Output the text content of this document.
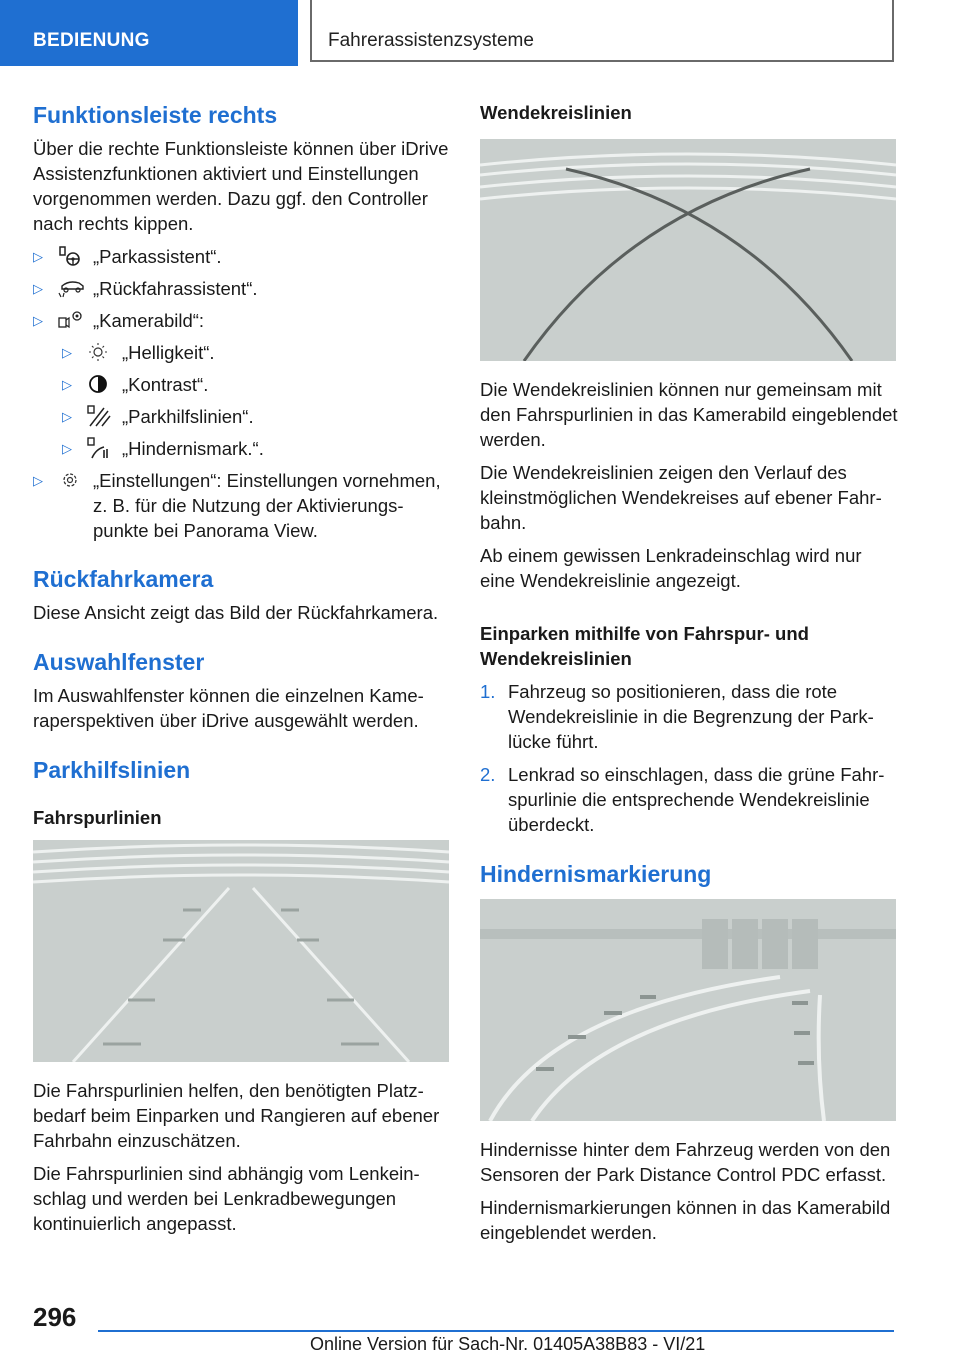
BEDIENUNG	Fahrerassistenzsysteme
Funktionsleiste rechts

Über die rechte Funktionsleiste können über iDrive Assistenzfunktionen aktiviert und Einstellungen vorgenommen werden. Dazu ggf. den Controller nach rechts kippen.

▷	„Parkassistent“.
▷	„Rückfahrassistent“.
▷	„Kamerabild“:
▷	„Helligkeit“.
▷	„Kontrast“.
▷	„Parkhilfslinien“.
▷	„Hindernismark.“.
▷	„Einstellungen“: Einstellungen vornehmen, z. B. für die Nutzung der Aktivierungspunkte bei Panorama View.
Rückfahrkamera

Diese Ansicht zeigt das Bild der Rückfahrkamera.

Auswahlfenster

Im Auswahlfenster können die einzelnen Kameraperspektiven über iDrive ausgewählt werden.

Parkhilfslinien
Fahrspurlinien

Die Fahrspurlinien helfen, den benötigten Platzbedarf beim Einparken und Rangieren auf ebener Fahrbahn einzuschätzen.

Die Fahrspurlinien sind abhängig vom Lenkeinschlag und werden bei Lenkradbewegungen kontinuierlich angepasst.

Wendekreislinien

Die Wendekreislinien können nur gemeinsam mit den Fahrspurlinien in das Kamerabild eingeblendet werden.

Die Wendekreislinien zeigen den Verlauf des kleinstmöglichen Wendekreises auf ebener Fahrbahn.

Ab einem gewissen Lenkradeinschlag wird nur eine Wendekreislinie angezeigt.

Einparken mithilfe von Fahrspur- und Wendekreislinien
1. Fahrzeug so positionieren, dass die rote Wendekreislinie in die Begrenzung der Parklücke führt.
2. Lenkrad so einschlagen, dass die grüne Fahrspurlinie die entsprechende Wendekreislinie überdeckt.
Hindernismarkierung

Hindernisse hinter dem Fahrzeug werden von den Sensoren der Park Distance Control PDC erfasst.

Hindernismarkierungen können in das Kamerabild eingeblendet werden.

296
Online Version für Sach-Nr. 01405A38B83 - VI/21
